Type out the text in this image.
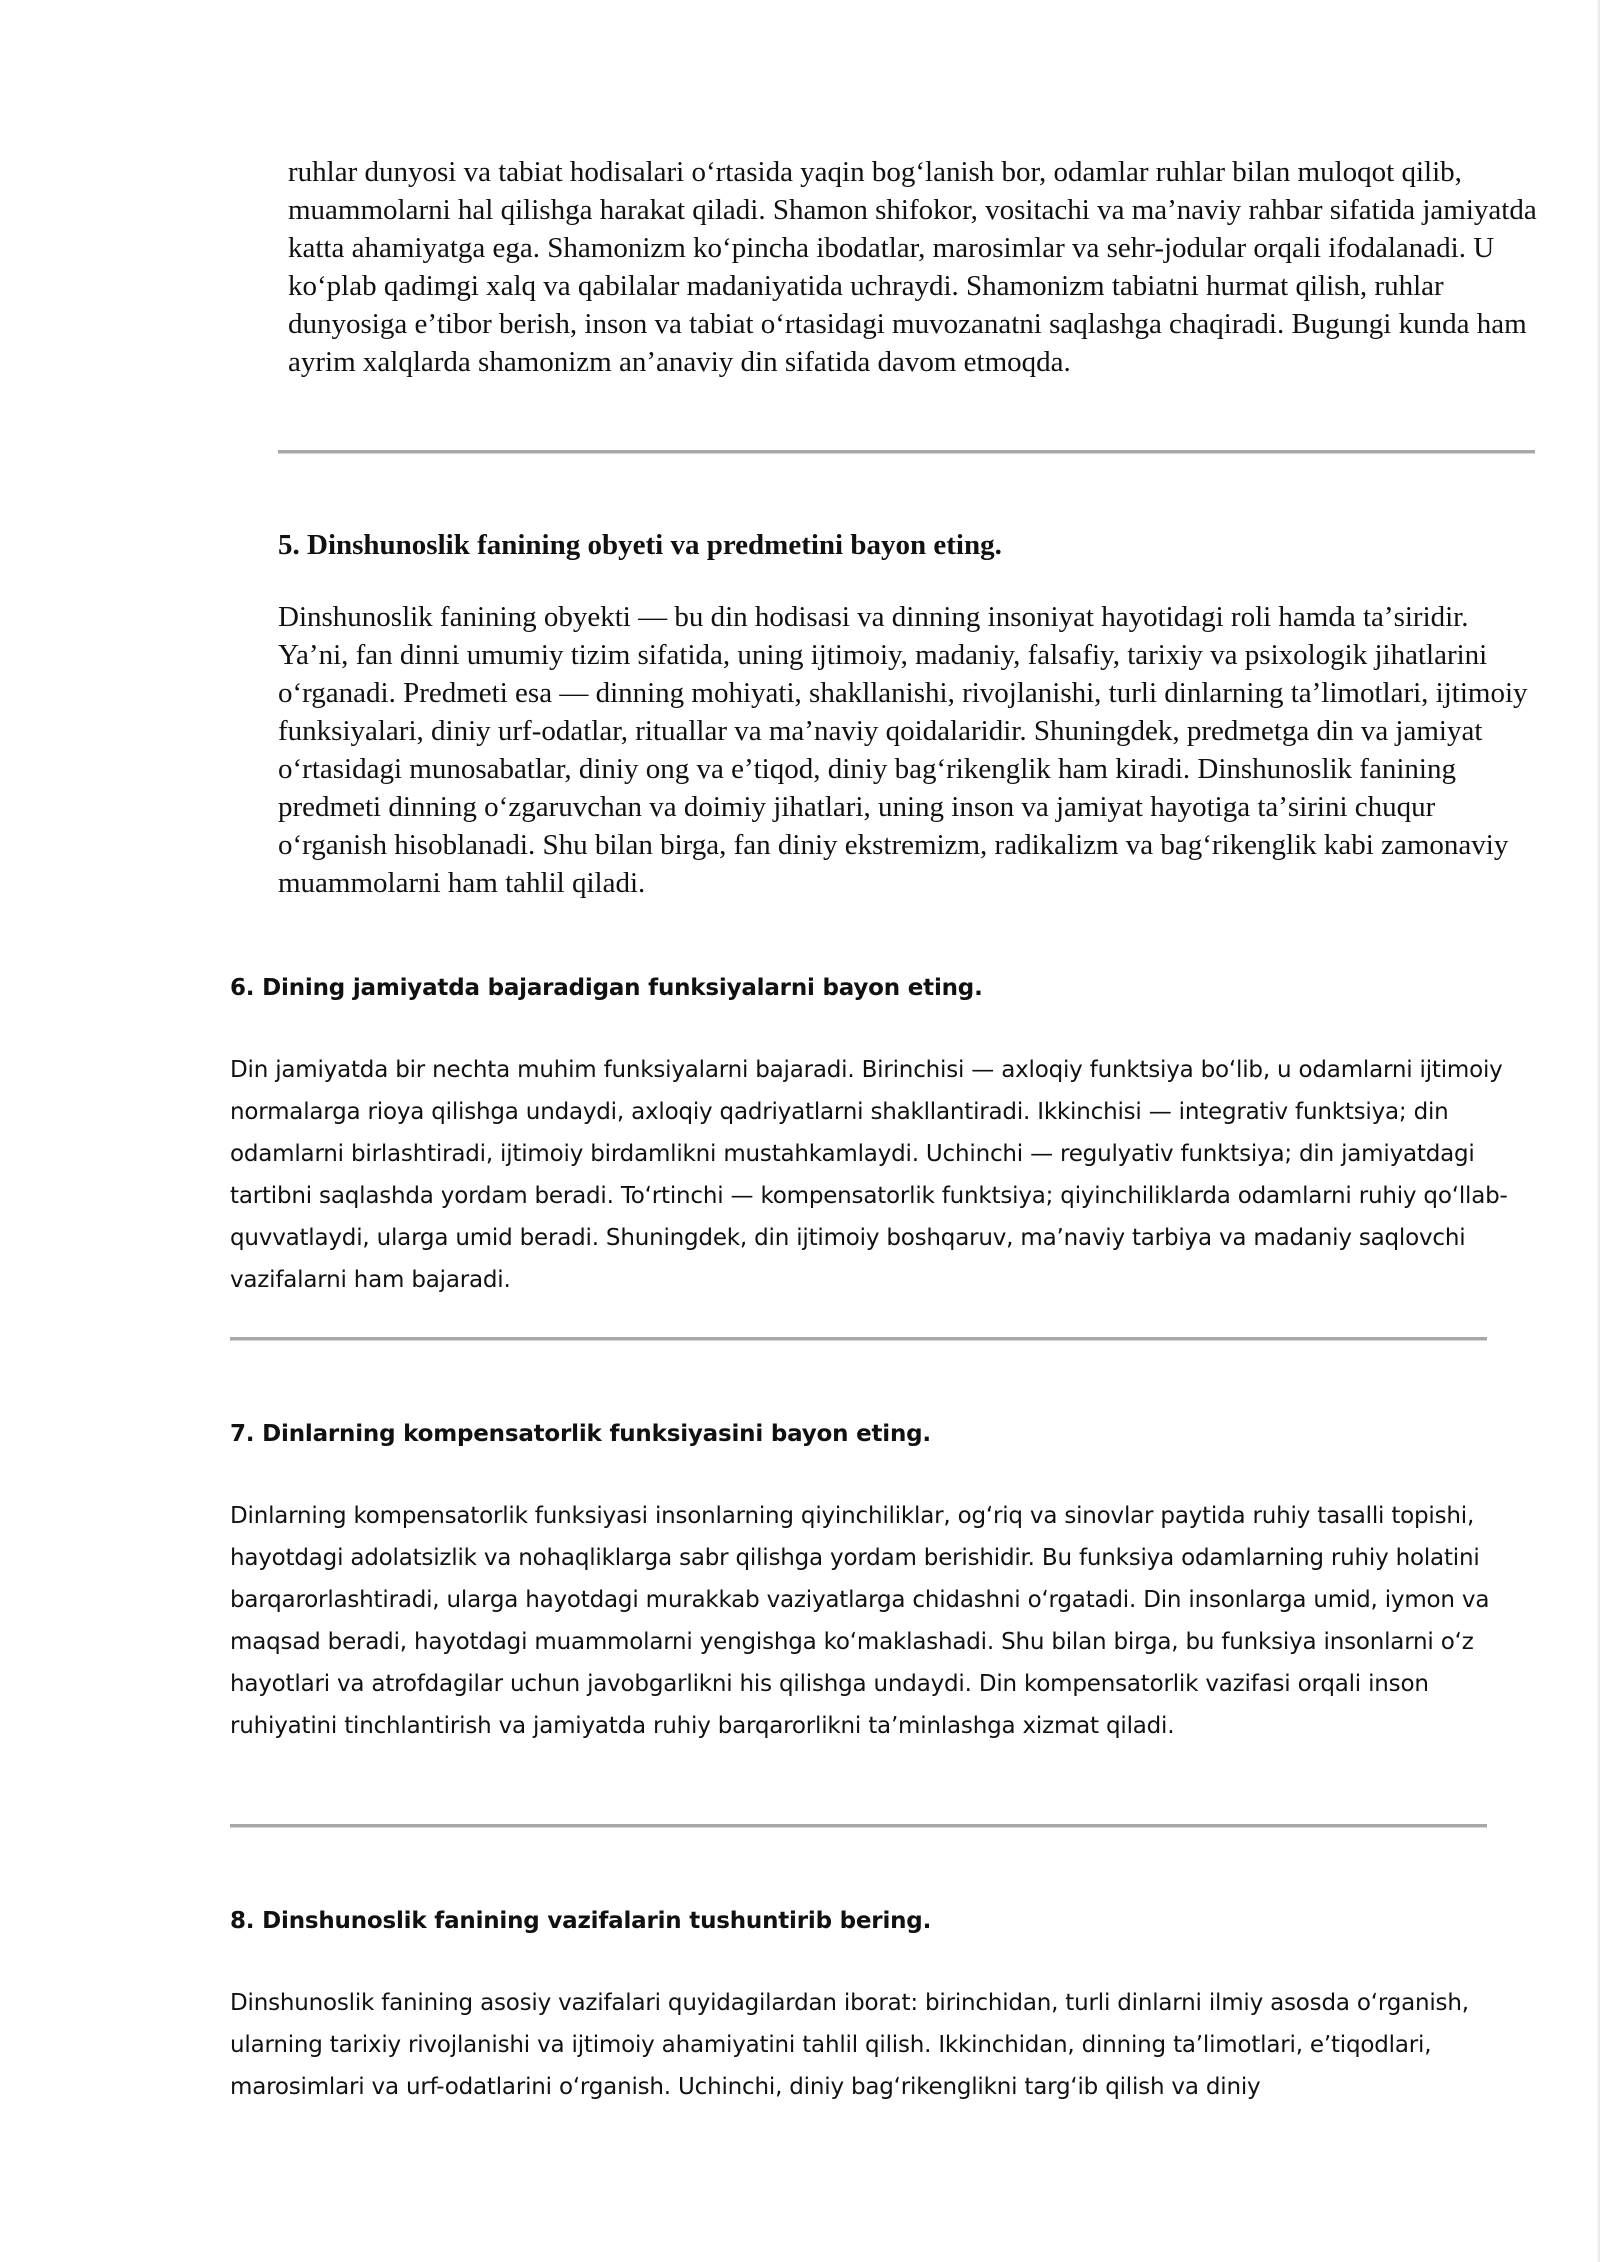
ruhlar dunyosi va tabiat hodisalari oʻrtasida yaqin bogʻlanish bor, odamlar ruhlar bilan muloqot qilib, muammolarni hal qilishga harakat qiladi. Shamon shifokor, vositachi va maʼnaviy rahbar sifatida jamiyatda katta ahamiyatga ega. Shamonizm koʻpincha ibodatlar, marosimlar va sehr-jodular orqali ifodalanadi. U koʻplab qadimgi xalq va qabilalar madaniyatida uchraydi. Shamonizm tabiatni hurmat qilish, ruhlar dunyosiga eʼtibor berish, inson va tabiat oʻrtasidagi muvozanatni saqlashga chaqiradi. Bugungi kunda ham ayrim xalqlarda shamonizm anʼanaviy din sifatida davom etmoqda.

5. Dinshunoslik fanining obyeti va predmetini bayon eting.

Dinshunoslik fanining obyekti — bu din hodisasi va dinning insoniyat hayotidagi roli hamda taʼsiridir. Yaʼni, fan dinni umumiy tizim sifatida, uning ijtimoiy, madaniy, falsafiy, tarixiy va psixologik jihatlarini oʻrganadi. Predmeti esa — dinning mohiyati, shakllanishi, rivojlanishi, turli dinlarning taʼlimotlari, ijtimoiy funksiyalari, diniy urf-odatlar, rituallar va maʼnaviy qoidalaridir. Shuningdek, predmetga din va jamiyat oʻrtasidagi munosabatlar, diniy ong va eʼtiqod, diniy bagʻrikenglik ham kiradi. Dinshunoslik fanining predmeti dinning oʻzgaruvchan va doimiy jihatlari, uning inson va jamiyat hayotiga taʼsirini chuqur oʻrganish hisoblanadi. Shu bilan birga, fan diniy ekstremizm, radikalizm va bagʻrikenglik kabi zamonaviy muammolarni ham tahlil qiladi.

6. Dining jamiyatda bajaradigan funksiyalarni bayon eting.

Din jamiyatda bir nechta muhim funksiyalarni bajaradi. Birinchisi — axloqiy funktsiya boʻlib, u odamlarni ijtimoiy normalarga rioya qilishga undaydi, axloqiy qadriyatlarni shakllantiradi. Ikkinchisi — integrativ funktsiya; din odamlarni birlashtiradi, ijtimoiy birdamlikni mustahkamlaydi. Uchinchi — regulyativ funktsiya; din jamiyatdagi tartibni saqlashda yordam beradi. Toʻrtinchi — kompensatorlik funktsiya; qiyinchiliklarda odamlarni ruhiy qoʻllab-quvvatlaydi, ularga umid beradi. Shuningdek, din ijtimoiy boshqaruv, maʼnaviy tarbiya va madaniy saqlovchi vazifalarni ham bajaradi.

7. Dinlarning kompensatorlik funksiyasini bayon eting.

Dinlarning kompensatorlik funksiyasi insonlarning qiyinchiliklar, ogʻriq va sinovlar paytida ruhiy tasalli topishi, hayotdagi adolatsizlik va nohaqliklarga sabr qilishga yordam berishidir. Bu funksiya odamlarning ruhiy holatini barqarorlashtiradi, ularga hayotdagi murakkab vaziyatlarga chidashni oʻrgatadi. Din insonlarga umid, iymon va maqsad beradi, hayotdagi muammolarni yengishga koʻmaklashadi. Shu bilan birga, bu funksiya insonlarni oʻz hayotlari va atrofdagilar uchun javobgarlikni his qilishga undaydi. Din kompensatorlik vazifasi orqali inson ruhiyatini tinchlantirish va jamiyatda ruhiy barqarorlikni taʼminlashga xizmat qiladi.

8. Dinshunoslik fanining vazifalarin tushuntirib bering.

Dinshunoslik fanining asosiy vazifalari quyidagilardan iborat: birinchidan, turli dinlarni ilmiy asosda oʻrganish, ularning tarixiy rivojlanishi va ijtimoiy ahamiyatini tahlil qilish. Ikkinchidan, dinning taʼlimotlari, eʼtiqodlari, marosimlari va urf-odatlarini oʻrganish. Uchinchi, diniy bagʻrikenglikni targʻib qilish va diniy
